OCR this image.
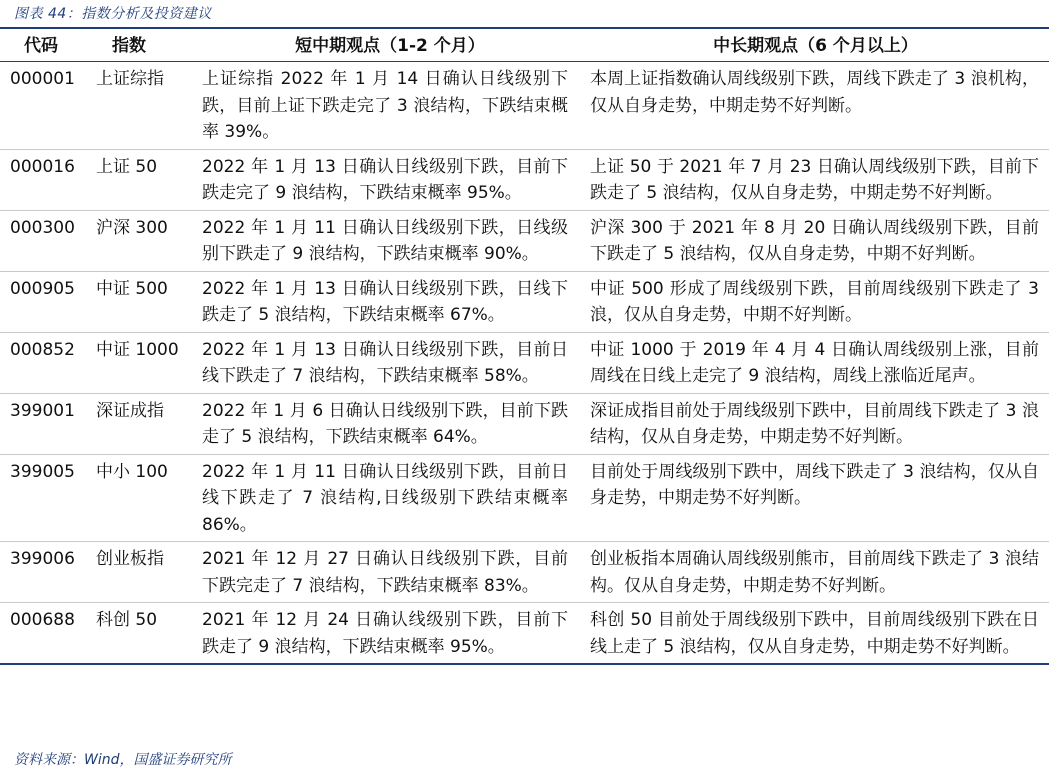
图表 44：指数分析及投资建议
代码	指数	短中期观点（1-2 个月）	中长期观点（6 个月以上）
000001	上证综指	上证综指 2022 年 1 月 14 日确认日线级别下跌，目前上证下跌走完了 3 浪结构，下跌结束概率 39%。	本周上证指数确认周线级别下跌，周线下跌走了 3 浪机构，仅从自身走势，中期走势不好判断。
000016	上证 50	2022 年 1 月 13 日确认日线级别下跌，目前下跌走完了 9 浪结构，下跌结束概率 95%。	上证 50 于 2021 年 7 月 23 日确认周线级别下跌，目前下跌走了 5 浪结构，仅从自身走势，中期走势不好判断。
000300	沪深 300	2022 年 1 月 11 日确认日线级别下跌，日线级别下跌走了 9 浪结构，下跌结束概率 90%。	沪深 300 于 2021 年 8 月 20 日确认周线级别下跌，目前下跌走了 5 浪结构，仅从自身走势，中期不好判断。
000905	中证 500	2022 年 1 月 13 日确认日线级别下跌，日线下跌走了 5 浪结构，下跌结束概率 67%。	中证 500 形成了周线级别下跌，目前周线级别下跌走了 3 浪，仅从自身走势，中期不好判断。
000852	中证 1000	2022 年 1 月 13 日确认日线级别下跌，目前日线下跌走了 7 浪结构，下跌结束概率 58%。	中证 1000 于 2019 年 4 月 4 日确认周线级别上涨，目前周线在日线上走完了 9 浪结构，周线上涨临近尾声。
399001	深证成指	2022 年 1 月 6 日确认日线级别下跌，目前下跌走了 5 浪结构，下跌结束概率 64%。	深证成指目前处于周线级别下跌中，目前周线下跌走了 3 浪结构，仅从自身走势，中期走势不好判断。
399005	中小 100	2022 年 1 月 11 日确认日线级别下跌，目前日线下跌走了 7 浪结构,日线级别下跌结束概率 86%。	目前处于周线级别下跌中，周线下跌走了 3 浪结构，仅从自身走势，中期走势不好判断。
399006	创业板指	2021 年 12 月 27 日确认日线级别下跌，目前下跌完走了 7 浪结构，下跌结束概率 83%。	创业板指本周确认周线级别熊市，目前周线下跌走了 3 浪结构。仅从自身走势，中期走势不好判断。
000688	科创 50	2021 年 12 月 24 日确认线级别下跌，目前下跌走了 9 浪结构，下跌结束概率 95%。	科创 50 目前处于周线级别下跌中，目前周线级别下跌在日线上走了 5 浪结构，仅从自身走势，中期走势不好判断。
资料来源：Wind，国盛证券研究所
